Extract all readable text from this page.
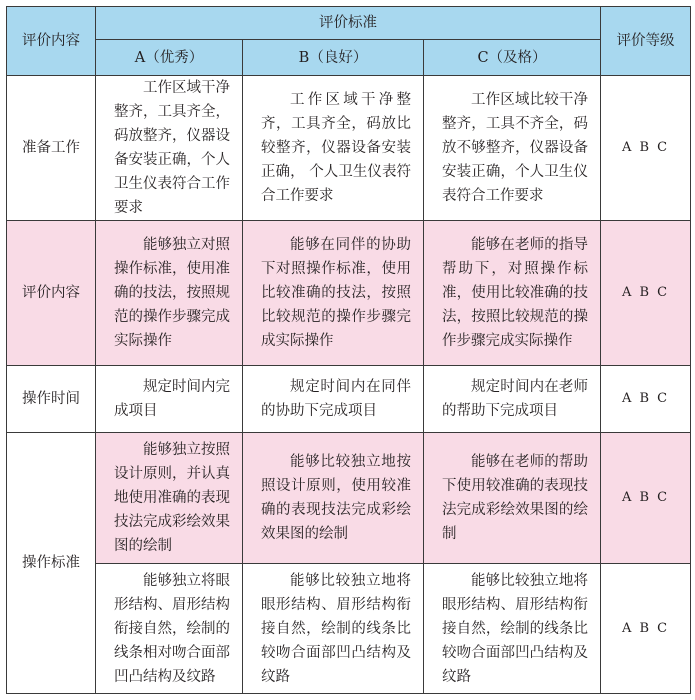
评价内容	评价标准			评价等级
	A（优秀）	B（良好）	C（及格）	
准备工作	工作区域干净整齐，工具齐全，码放整齐，仪器设备安装正确，个人卫生仪表符合工作要求	工作区域干净整齐，工具齐全，码放比较整齐，仪器设备安装正确， 个人卫生仪表符合工作要求	工作区域比较干净整齐，工具不齐全，码放不够整齐，仪器设备安装正确，个人卫生仪表符合工作要求	A B C
评价内容	能够独立对照操作标准，使用准确的技法，按照规范的操作步骤完成实际操作	能够在同伴的协助下对照操作标准，使用比较准确的技法，按照比较规范的操作步骤完成实际操作	能够在老师的指导帮助下，对照操作标准，使用比较准确的技法，按照比较规范的操作步骤完成实际操作	A B C
操作时间	规定时间内完成项目	规定时间内在同伴的协助下完成项目	规定时间内在老师的帮助下完成项目	A B C
操作标准	能够独立按照设计原则，并认真地使用准确的表现技法完成彩绘效果图的绘制	能够比较独立地按照设计原则，使用较准确的表现技法完成彩绘效果图的绘制	能够在老师的帮助下使用较准确的表现技法完成彩绘效果图的绘制	A B C

	能够独立将眼形结构、眉形结构衔接自然，绘制的线条相对吻合面部凹凸结构及纹路	能够比较独立地将眼形结构、眉形结构衔接自然，绘制的线条比较吻合面部凹凸结构及纹路	能够比较独立地将眼形结构、眉形结构衔接自然，绘制的线条比较吻合面部凹凸结构及纹路	A B C
